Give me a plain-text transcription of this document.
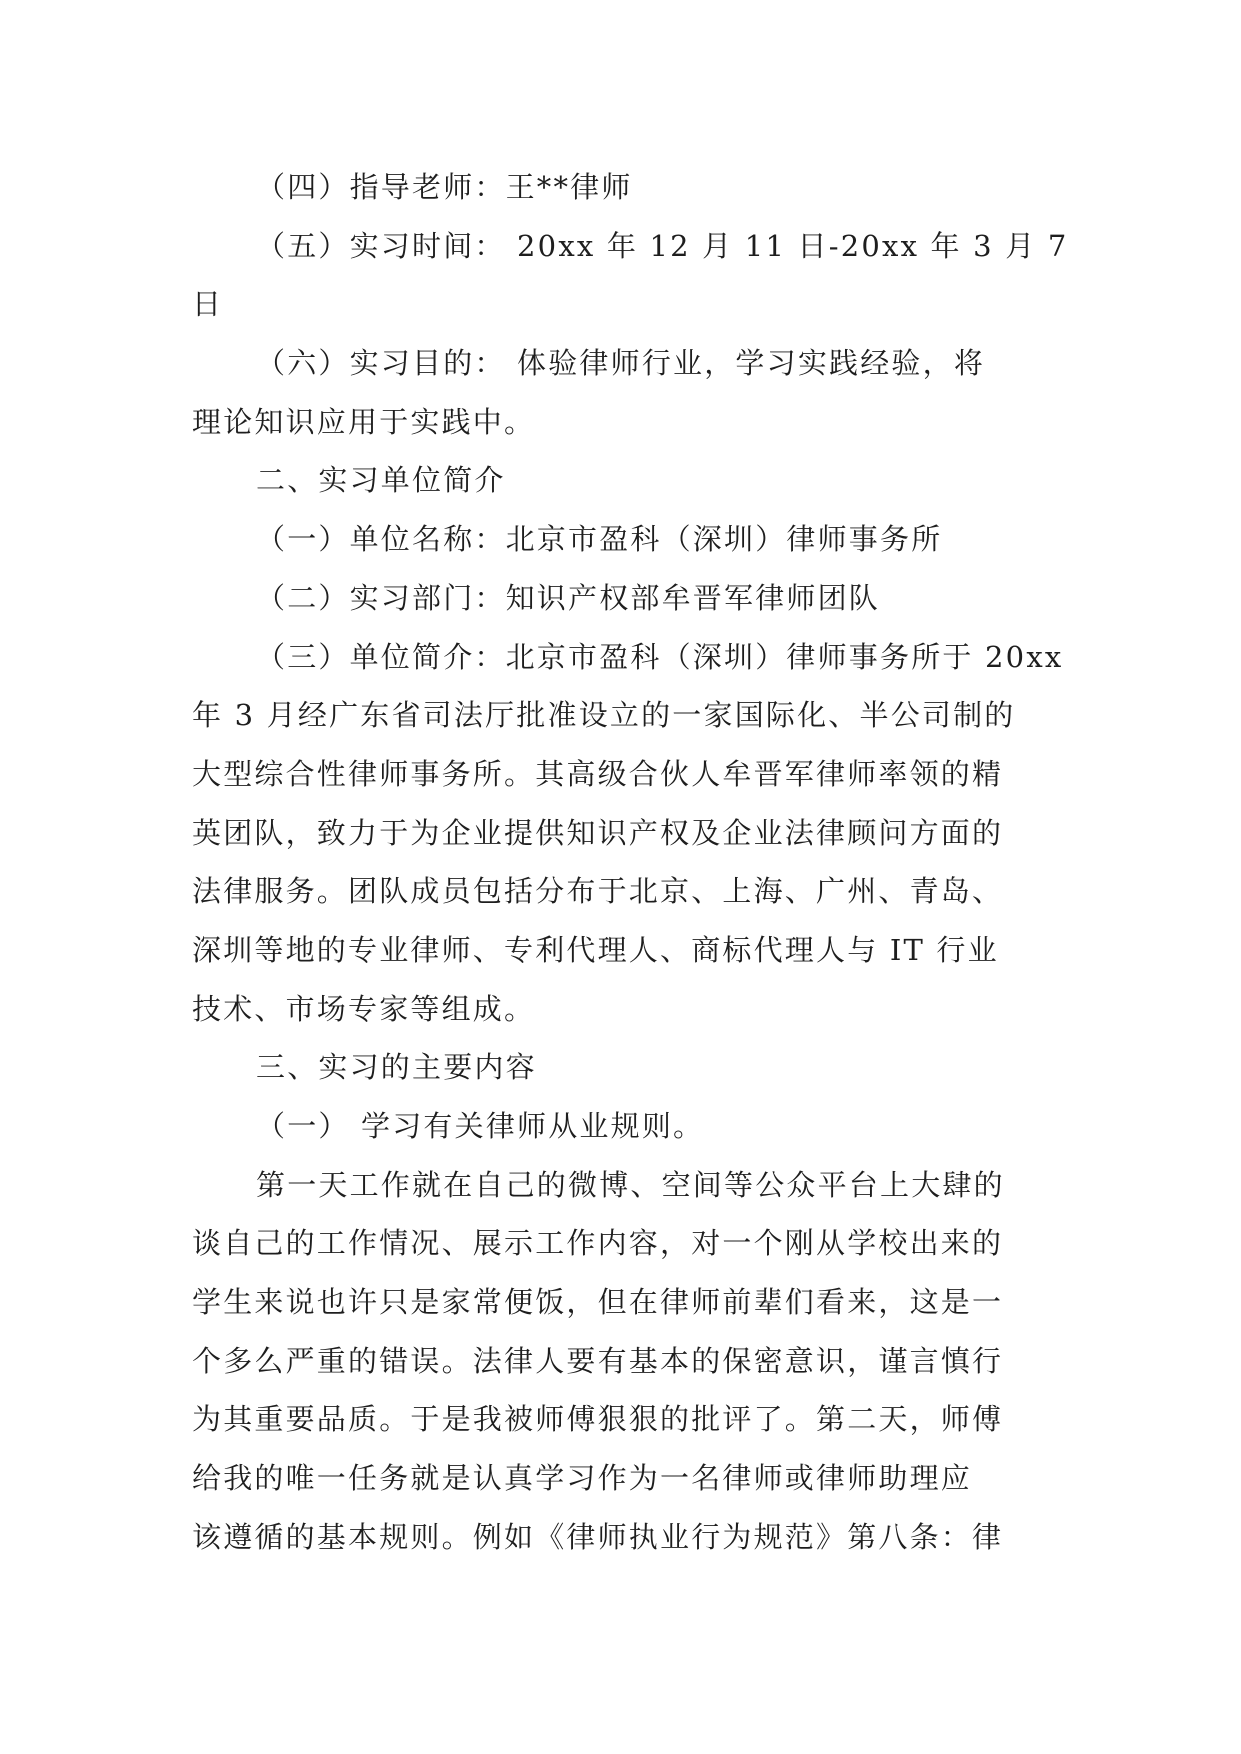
（四）指导老师：王**律师

（五）实习时间： 20xx 年 12 月 11 日-20xx 年 3 月 7

日

（六）实习目的： 体验律师行业，学习实践经验，将

理论知识应用于实践中。

二、实习单位简介

（一）单位名称：北京市盈科（深圳）律师事务所

（二）实习部门：知识产权部牟晋军律师团队

（三）单位简介：北京市盈科（深圳）律师事务所于 20xx

年 3 月经广东省司法厅批准设立的一家国际化、半公司制的

大型综合性律师事务所。其高级合伙人牟晋军律师率领的精

英团队，致力于为企业提供知识产权及企业法律顾问方面的

法律服务。团队成员包括分布于北京、上海、广州、青岛、

深圳等地的专业律师、专利代理人、商标代理人与 IT 行业

技术、市场专家等组成。

三、实习的主要内容

（一） 学习有关律师从业规则。

第一天工作就在自己的微博、空间等公众平台上大肆的

谈自己的工作情况、展示工作内容，对一个刚从学校出来的

学生来说也许只是家常便饭，但在律师前辈们看来，这是一

个多么严重的错误。法律人要有基本的保密意识，谨言慎行

为其重要品质。于是我被师傅狠狠的批评了。第二天，师傅

给我的唯一任务就是认真学习作为一名律师或律师助理应

该遵循的基本规则。例如《律师执业行为规范》第八条：律
